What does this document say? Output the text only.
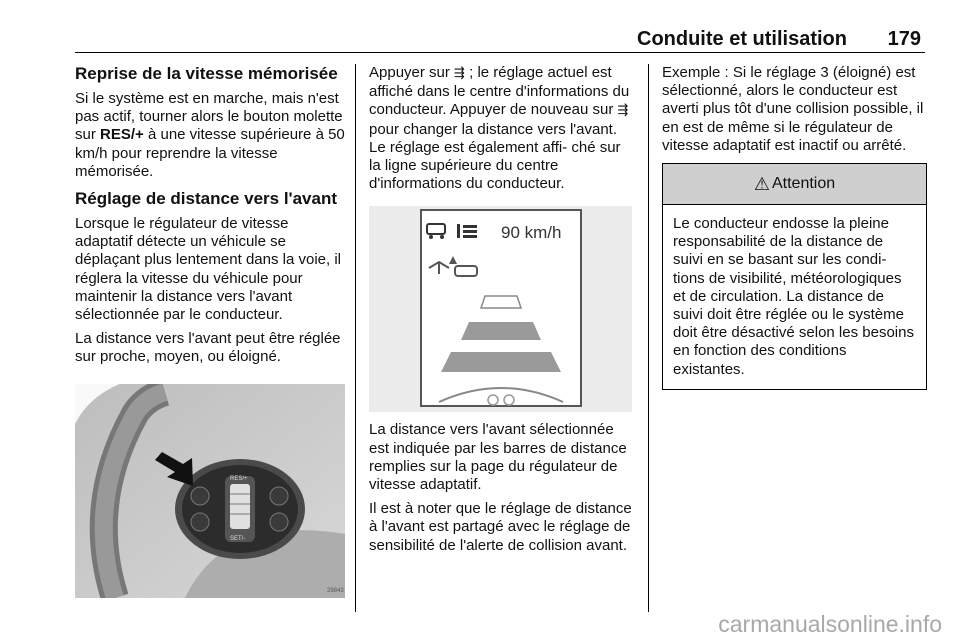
Conduite et utilisation 179
Reprise de la vitesse mémorisée

Si le système est en marche, mais n'est pas actif, tourner alors le bouton molette sur RES/+ à une vitesse supérieure à 50 km/h pour reprendre la vitesse mémorisée.

Réglage de distance vers l'avant

Lorsque le régulateur de vitesse adaptatif détecte un véhicule se déplaçant plus lentement dans la voie, il réglera la vitesse du véhicule pour maintenir la distance vers l'avant sélectionnée par le conducteur.

La distance vers l'avant peut être réglée sur proche, moyen, ou éloigné.

RES/+
SET/-
29843

Appuyer sur ⇶ ; le réglage actuel est affiché dans le centre d'informations du conducteur. Appuyer de nouveau sur ⇶ pour changer la distance vers l'avant. Le réglage est également affi‐ ché sur la ligne supérieure du centre d'informations du conducteur.

La distance vers l'avant sélectionnée est indiquée par les barres de distance remplies sur la page du régulateur de vitesse adaptatif.

Il est à noter que le réglage de distance à l'avant est partagé avec le réglage de sensibilité de l'alerte de collision avant.

90 km/h

Exemple : Si le réglage 3 (éloigné) est sélectionné, alors le conducteur est averti plus tôt d'une collision possible, il en est de même si le régulateur de vitesse adaptatif est inactif ou arrêté.

⚠ Attention
Le conducteur endosse la pleine responsabilité de la distance de suivi en se basant sur les condi‐ tions de visibilité, météorologiques et de circulation. La distance de suivi doit être réglée ou le système doit être désactivé selon les besoins en fonction des conditions existantes.
carmanualsonline.info
